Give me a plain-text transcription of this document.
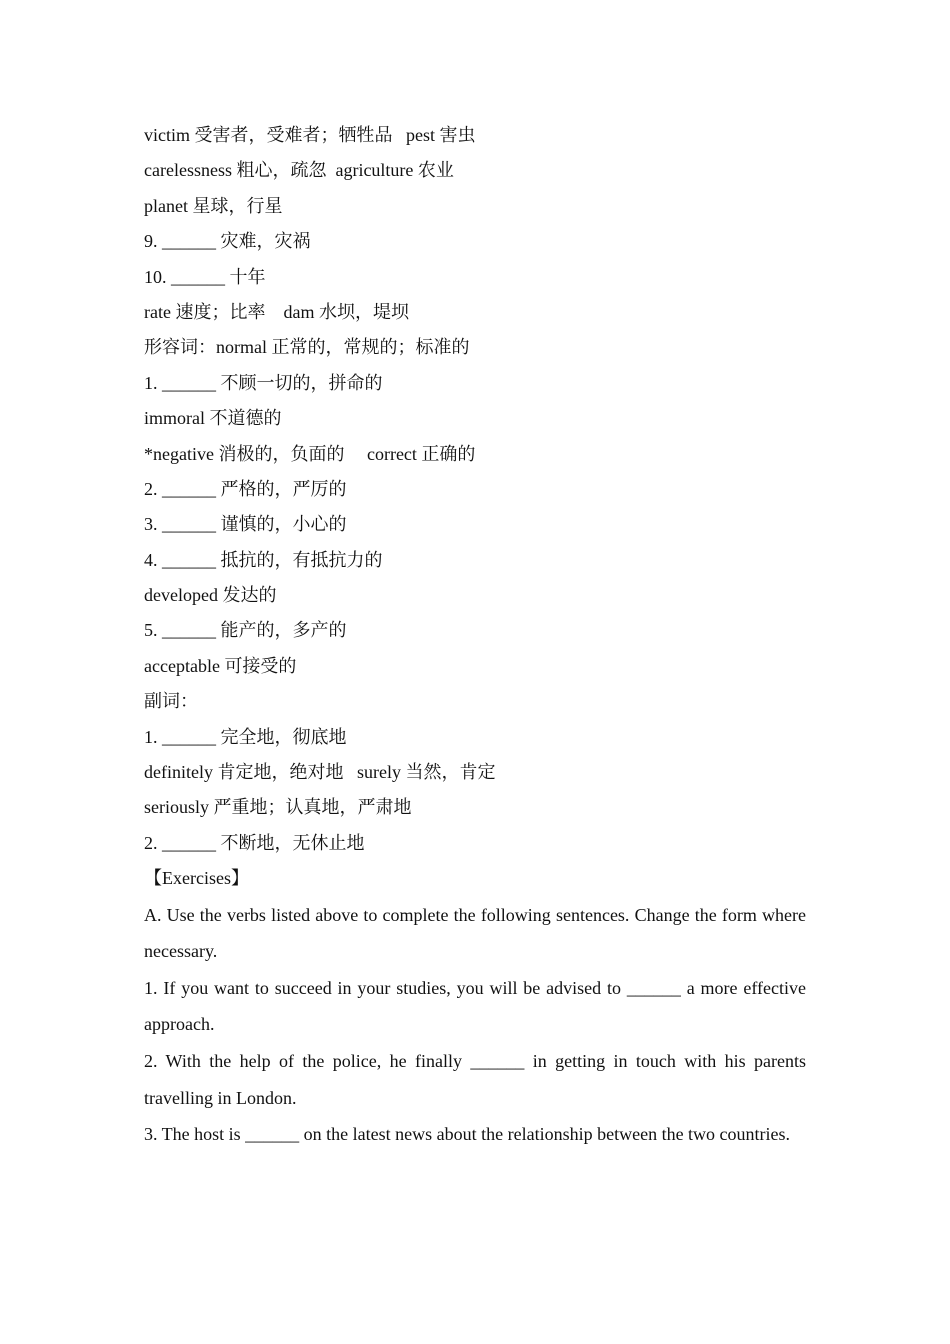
victim 受害者，受难者；牺牲品   pest 害虫
carelessness 粗心，疏忽  agriculture 农业
planet 星球，行星
9. ______ 灾难，灾祸
10. ______ 十年
rate 速度；比率    dam 水坝，堤坝
形容词：normal 正常的，常规的；标准的
1. ______ 不顾一切的，拼命的
immoral 不道德的
*negative 消极的，负面的     correct 正确的
2. ______ 严格的，严厉的
3. ______ 谨慎的，小心的
4. ______ 抵抗的，有抵抗力的
developed 发达的
5. ______ 能产的，多产的
acceptable 可接受的
副词：
1. ______ 完全地，彻底地
definitely 肯定地，绝对地   surely 当然，肯定
seriously 严重地；认真地，严肃地
2. ______ 不断地，无休止地
【Exercises】
A. Use the verbs listed above to complete the following sentences. Change the form where necessary.
1. If you want to succeed in your studies, you will be advised to ______ a more effective approach.
2. With the help of the police, he finally ______ in getting in touch with his parents travelling in London.
3. The host is ______ on the latest news about the relationship between the two countries.
